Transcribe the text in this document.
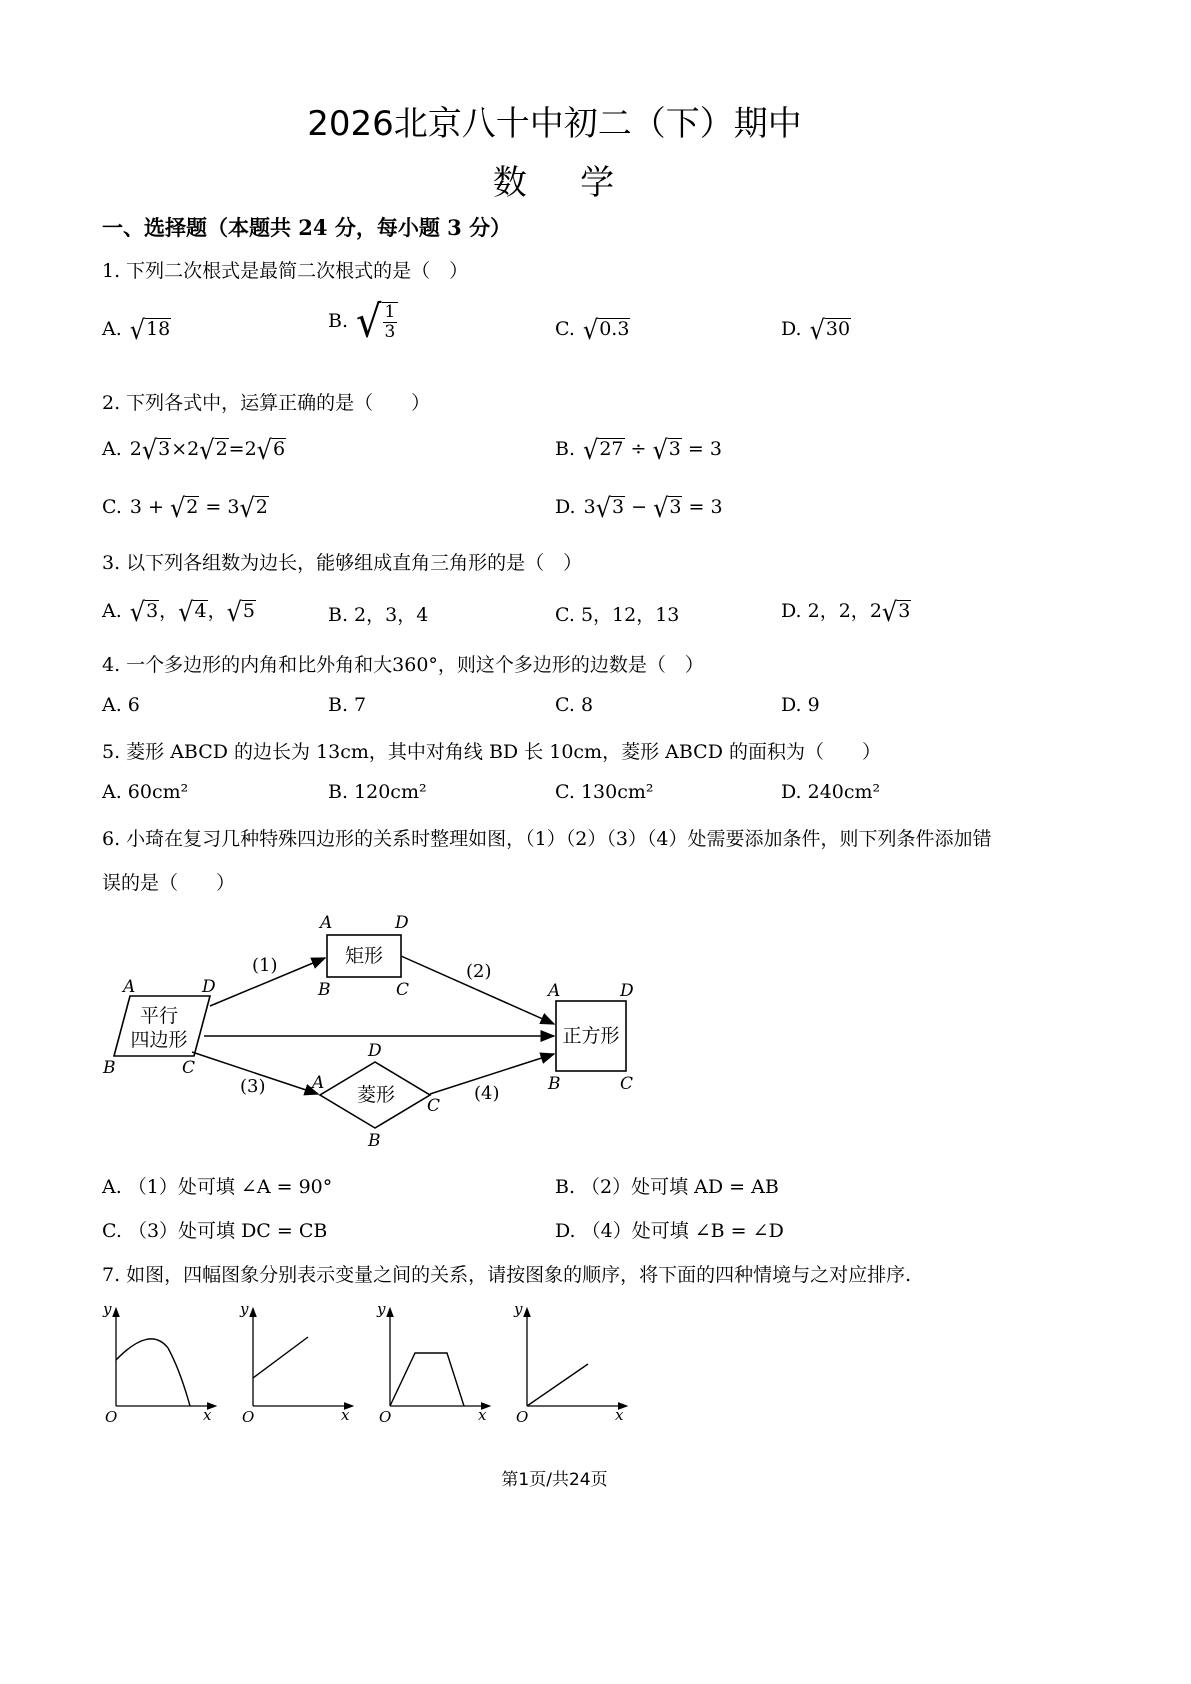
2026北京八十中初二（下）期中
数    学
一、选择题（本题共 24 分，每小题 3 分）
1. 下列二次根式是最简二次根式的是（　）
A. √ 18	B. √ $\frac{1}{3}$	C. √ 0.3	D. √ 30
2. 下列各式中，运算正确的是（　　）
A. 2 √ 3 ×2 √ 2 =2 √ 6	B. √ 27 ÷ √ 3 = 3
C. 3 + √ 2 = 3 √ 2	D. 3 √ 3 − √ 3 = 3
3. 以下列各组数为边长，能够组成直角三角形的是（　）
A. √ 3 ， √ 4 ， √ 5	B. 2，3，4	C. 5，12，13	D. 2，2，2 √ 3
4. 一个多边形的内角和比外角和大360°，则这个多边形的边数是（　）
A. 6	B. 7	C. 8	D. 9
5. 菱形 ABCD 的边长为 13cm，其中对角线 BD 长 10cm，菱形 ABCD 的面积为（　　）
A. 60cm²	B. 120cm²	C. 130cm²	D. 240cm²
6. 小琦在复习几种特殊四边形的关系时整理如图，（1）（2）（3）（4）处需要添加条件，则下列条件添加错
误的是（　　）
平行
四边形
A	D
B	C
矩形
A	D
B	C
正方形
A	D
B	C
菱形
D
A
C
B
(1)	(2)
(3)	(4)
A. （1）处可填 ∠A = 90°	B. （2）处可填 AD = AB
C. （3）处可填 DC = CB	D. （4）处可填 ∠B = ∠D
7. 如图，四幅图象分别表示变量之间的关系，请按图象的顺序，将下面的四种情境与之对应排序.
y
x
O
y
x
O
y
x
O
y
x
O
第1页/共24页
